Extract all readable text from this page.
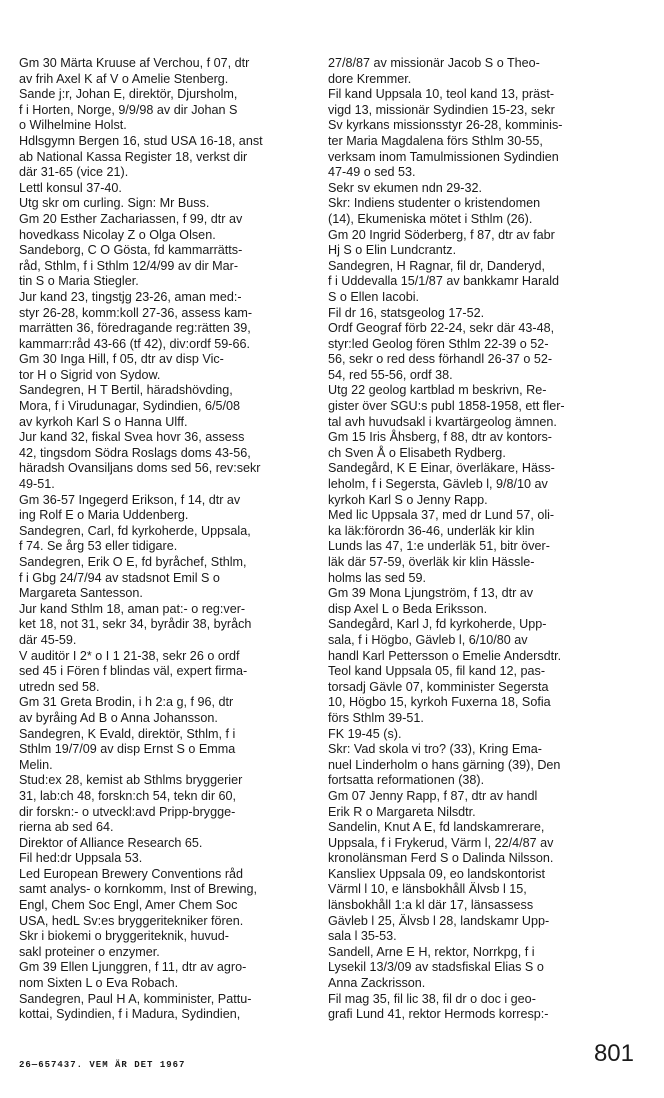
Gm 30 Märta Kruuse af Verchou, f 07, dtr
av frih Axel K af V o Amelie Stenberg.
Sande j:r, Johan E, direktör, Djursholm,
f i Horten, Norge, 9/9/98 av dir Johan S
o Wilhelmine Holst.
Hdlsgymn Bergen 16, stud USA 16-18, anst
ab National Kassa Register 18, verkst dir
där 31-65 (vice 21).
Lettl konsul 37-40.
Utg skr om curling. Sign: Mr Buss.
Gm 20 Esther Zachariassen, f 99, dtr av
hovedkass Nicolay Z o Olga Olsen.
Sandeborg, C O Gösta, fd kammarrätts-
råd, Sthlm, f i Sthlm 12/4/99 av dir Mar-
tin S o Maria Stiegler.
Jur kand 23, tingstjg 23-26, aman med:-
styr 26-28, komm:koll 27-36, assess kam-
marrätten 36, föredragande reg:rätten 39,
kammarr:råd 43-66 (tf 42), div:ordf 59-66.
Gm 30 Inga Hill, f 05, dtr av disp Vic-
tor H o Sigrid von Sydow.
Sandegren, H T Bertil, häradshövding,
Mora, f i Virudunagar, Sydindien, 6/5/08
av kyrkoh Karl S o Hanna Ulff.
Jur kand 32, fiskal Svea hovr 36, assess
42, tingsdom Södra Roslags doms 43-56,
häradsh Ovansiljans doms sed 56, rev:sekr
49-51.
Gm 36-57 Ingegerd Erikson, f 14, dtr av
ing Rolf E o Maria Uddenberg.
Sandegren, Carl, fd kyrkoherde, Uppsala,
f 74. Se årg 53 eller tidigare.
Sandegren, Erik O E, fd byråchef, Sthlm,
f i Gbg 24/7/94 av stadsnot Emil S o
Margareta Santesson.
Jur kand Sthlm 18, aman pat:- o reg:ver-
ket 18, not 31, sekr 34, byrådir 38, byråch
där 45-59.
V auditör I 2* o I 1 21-38, sekr 26 o ordf
sed 45 i Fören f blindas väl, expert firma-
utredn sed 58.
Gm 31 Greta Brodin, i h 2:a g, f 96, dtr
av byråing Ad B o Anna Johansson.
Sandegren, K Evald, direktör, Sthlm, f i
Sthlm 19/7/09 av disp Ernst S o Emma
Melin.
Stud:ex 28, kemist ab Sthlms bryggerier
31, lab:ch 48, forskn:ch 54, tekn dir 60,
dir forskn:- o utveckl:avd Pripp-brygge-
rierna ab sed 64.
Direktor of Alliance Research 65.
Fil hed:dr Uppsala 53.
Led European Brewery Conventions råd
samt analys- o kornkomm, Inst of Brewing,
Engl, Chem Soc Engl, Amer Chem Soc
USA, hedL Sv:es bryggeritekniker fören.
Skr i biokemi o bryggeriteknik, huvud-
sakl proteiner o enzymer.
Gm 39 Ellen Ljunggren, f 11, dtr av agro-
nom Sixten L o Eva Robach.
Sandegren, Paul H A, komminister, Pattu-
kottai, Sydindien, f i Madura, Sydindien,
27/8/87 av missionär Jacob S o Theo-
dore Kremmer.
Fil kand Uppsala 10, teol kand 13, präst-
vigd 13, missionär Sydindien 15-23, sekr
Sv kyrkans missionsstyr 26-28, komminis-
ter Maria Magdalena förs Sthlm 30-55,
verksam inom Tamulmissionen Sydindien
47-49 o sed 53.
Sekr sv ekumen ndn 29-32.
Skr: Indiens studenter o kristendomen
(14), Ekumeniska mötet i Sthlm (26).
Gm 20 Ingrid Söderberg, f 87, dtr av fabr
Hj S o Elin Lundcrantz.
Sandegren, H Ragnar, fil dr, Danderyd,
f i Uddevalla 15/1/87 av bankkamr Harald
S o Ellen Iacobi.
Fil dr 16, statsgeolog 17-52.
Ordf Geograf förb 22-24, sekr där 43-48,
styr:led Geolog fören Sthlm 22-39 o 52-
56, sekr o red dess förhandl 26-37 o 52-
54, red 55-56, ordf 38.
Utg 22 geolog kartblad m beskrivn, Re-
gister över SGU:s publ 1858-1958, ett fler-
tal avh huvudsakl i kvartärgeolog ämnen.
Gm 15 Iris Åhsberg, f 88, dtr av kontors-
ch Sven Å o Elisabeth Rydberg.
Sandegård, K E Einar, överläkare, Häss-
leholm, f i Segersta, Gävleb l, 9/8/10 av
kyrkoh Karl S o Jenny Rapp.
Med lic Uppsala 37, med dr Lund 57, oli-
ka läk:förordn 36-46, underläk kir klin
Lunds las 47, 1:e underläk 51, bitr över-
läk där 57-59, överläk kir klin Hässle-
holms las sed 59.
Gm 39 Mona Ljungström, f 13, dtr av
disp Axel L o Beda Eriksson.
Sandegård, Karl J, fd kyrkoherde, Upp-
sala, f i Högbo, Gävleb l, 6/10/80 av
handl Karl Pettersson o Emelie Andersdtr.
Teol kand Uppsala 05, fil kand 12, pas-
torsadj Gävle 07, komminister Segersta
10, Högbo 15, kyrkoh Fuxerna 18, Sofia
förs Sthlm 39-51.
FK 19-45 (s).
Skr: Vad skola vi tro? (33), Kring Ema-
nuel Linderholm o hans gärning (39), Den
fortsatta reformationen (38).
Gm 07 Jenny Rapp, f 87, dtr av handl
Erik R o Margareta Nilsdtr.
Sandelin, Knut A E, fd landskamrerare,
Uppsala, f i Frykerud, Värm l, 22/4/87 av
kronolänsman Ferd S o Dalinda Nilsson.
Kansliex Uppsala 09, eo landskontorist
Värml l 10, e länsbokhåll Älvsb l 15,
länsbokhåll 1:a kl där 17, länsassess
Gävleb l 25, Älvsb l 28, landskamr Upp-
sala l 35-53.
Sandell, Arne E H, rektor, Norrkpg, f i
Lysekil 13/3/09 av stadsfiskal Elias S o
Anna Zackrisson.
Fil mag 35, fil lic 38, fil dr o doc i geo-
grafi Lund 41, rektor Hermods korresp:-
26—657437. VEM ÄR DET 1967	801
